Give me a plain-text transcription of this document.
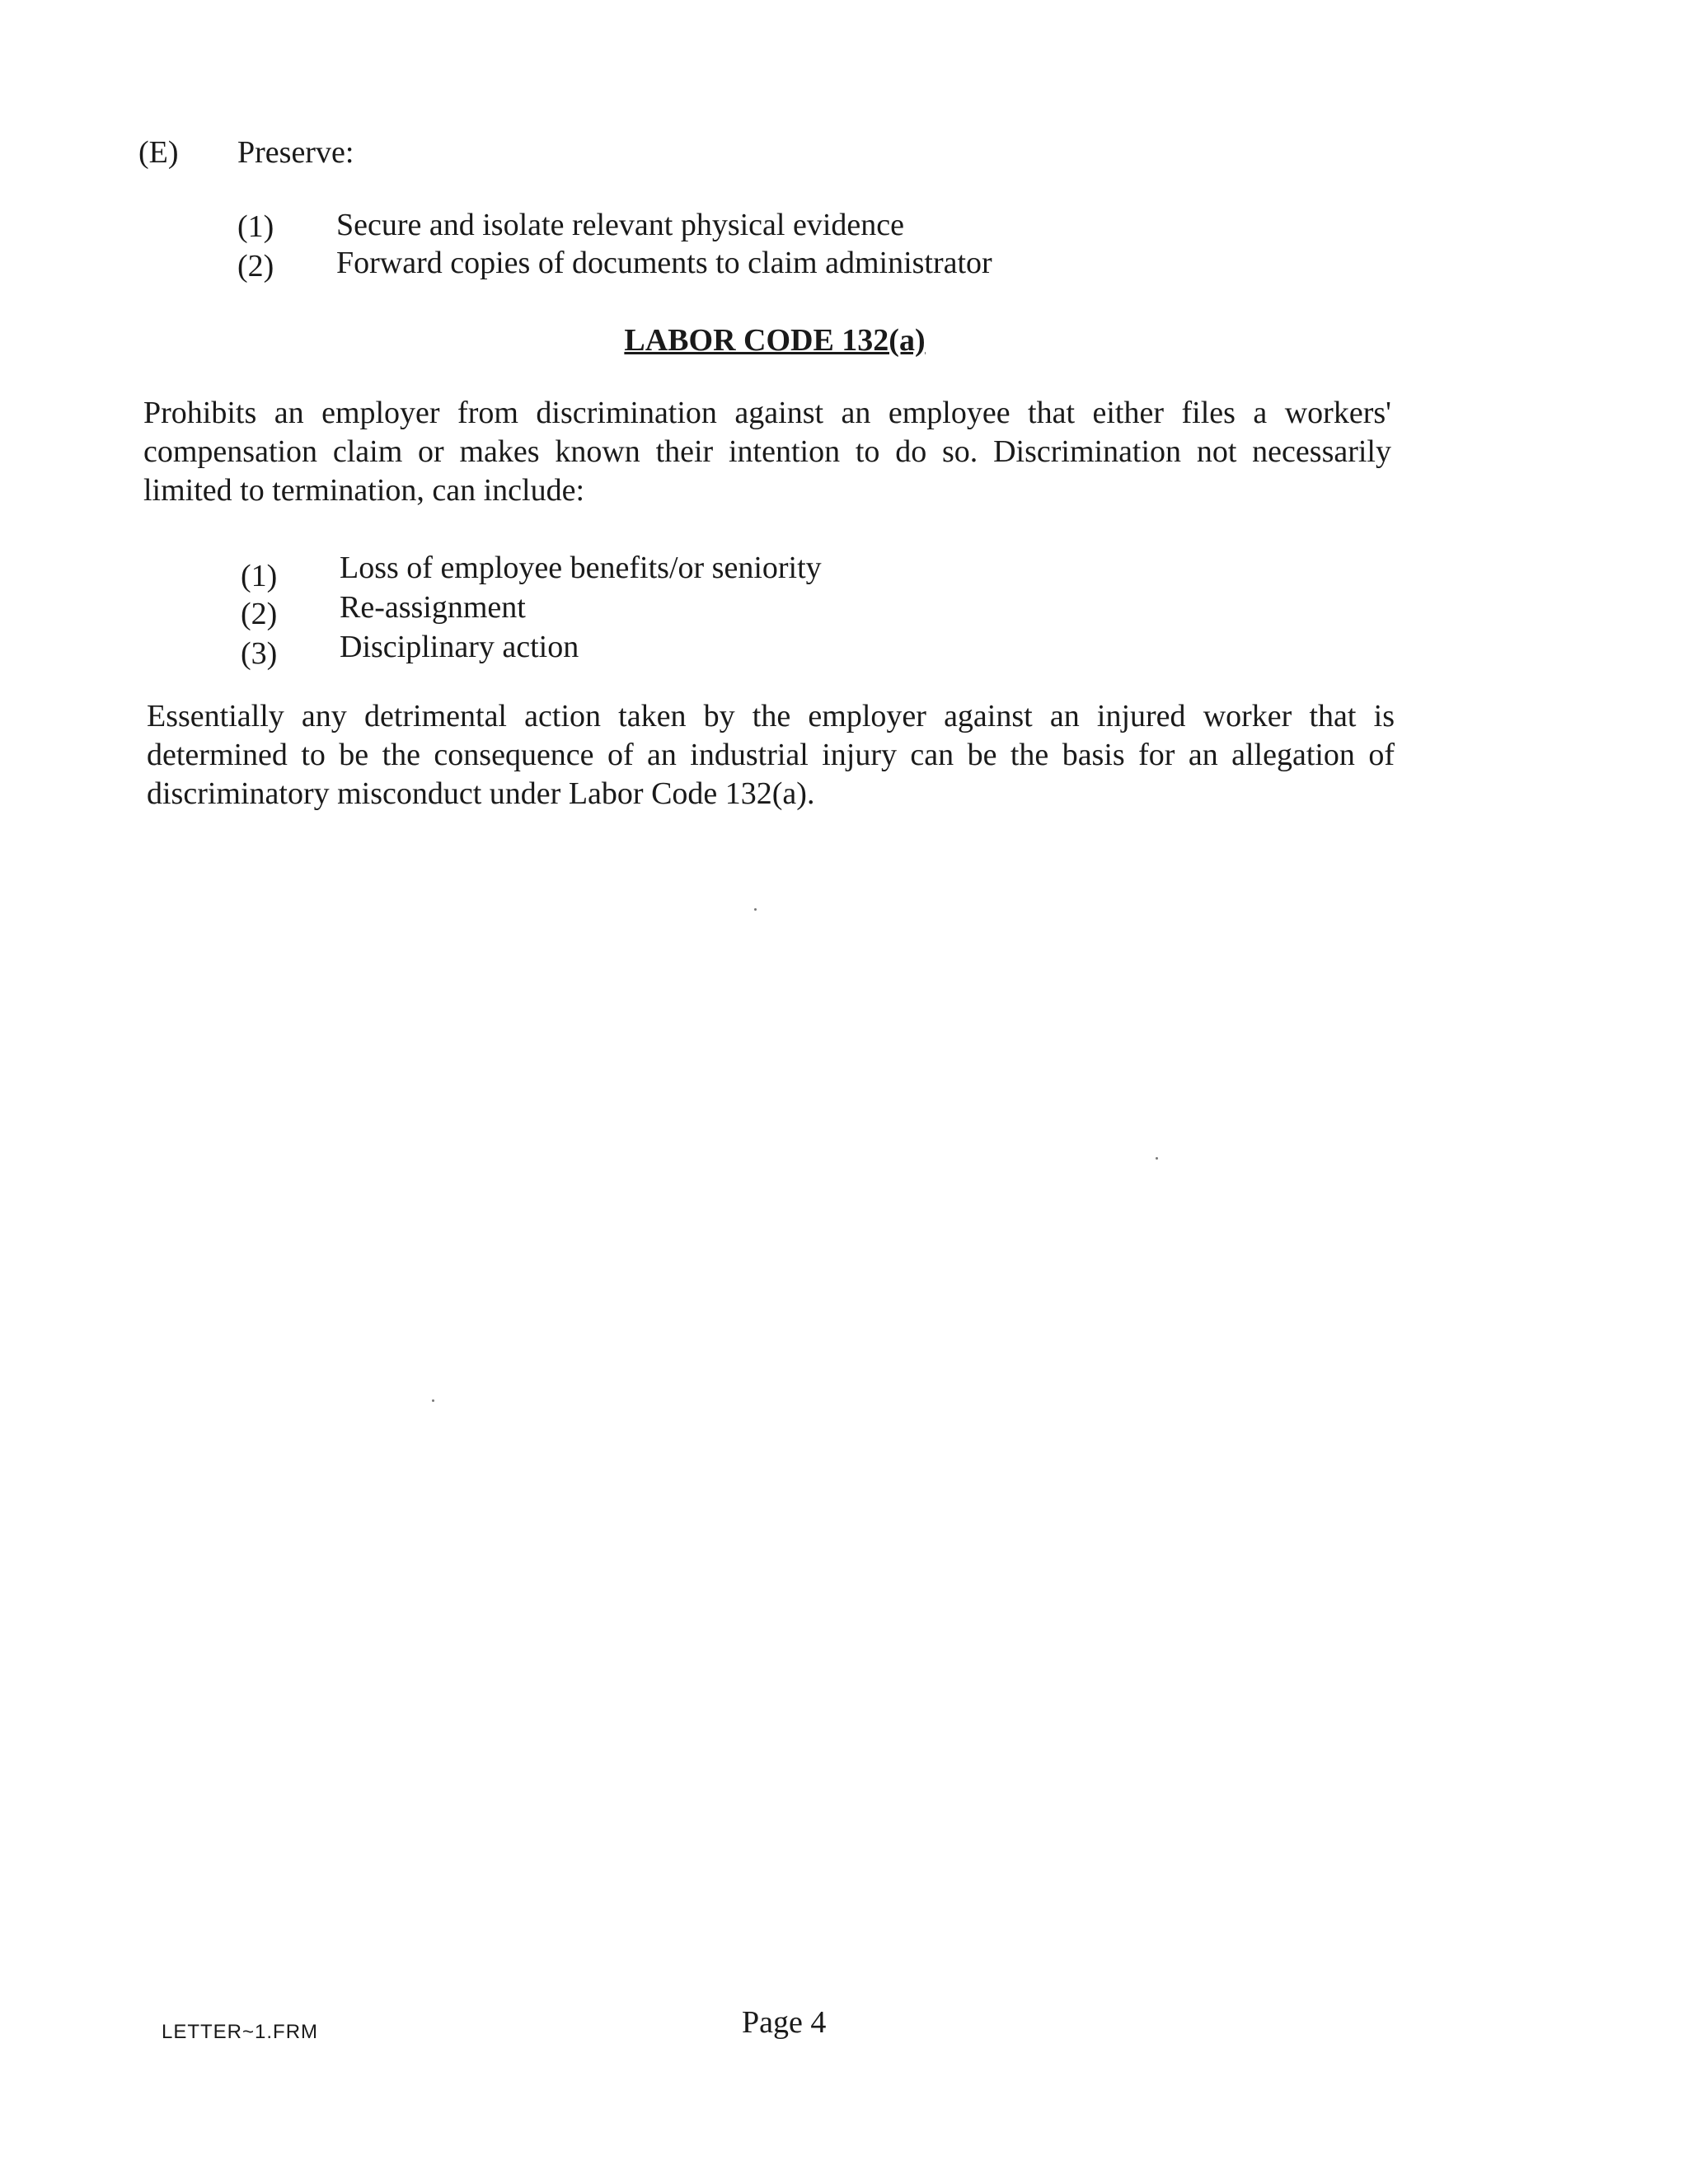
(E) Preserve:
(1) Secure and isolate relevant physical evidence
(2) Forward copies of documents to claim administrator
LABOR CODE 132(a)
Prohibits an employer from discrimination against an employee that either files a workers' compensation claim or makes known their intention to do so. Discrimination not necessarily limited to termination, can include:
(1) Loss of employee benefits/or seniority
(2) Re-assignment
(3) Disciplinary action
Essentially any detrimental action taken by the employer against an injured worker that is determined to be the consequence of an industrial injury can be the basis for an allegation of discriminatory misconduct under Labor Code 132(a).
LETTER~1.FRM	Page 4
